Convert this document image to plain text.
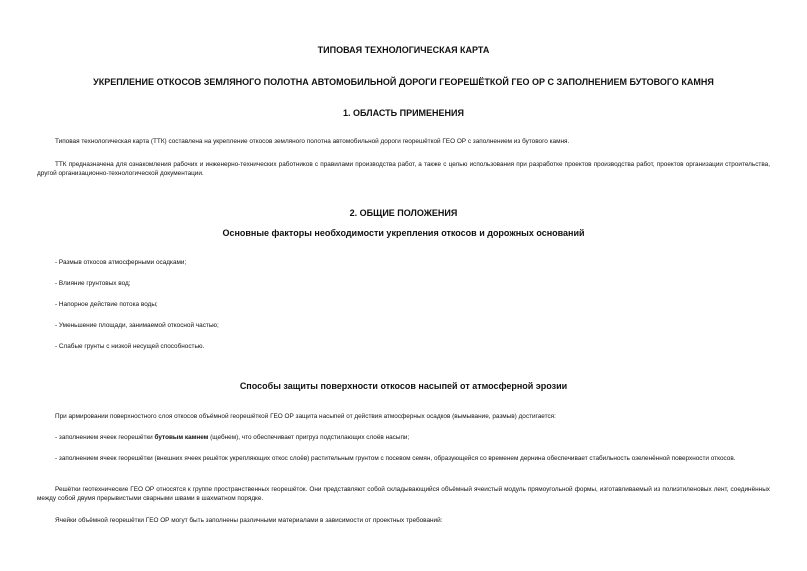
ТИПОВАЯ ТЕХНОЛОГИЧЕСКАЯ КАРТА
УКРЕПЛЕНИЕ ОТКОСОВ ЗЕМЛЯНОГО ПОЛОТНА АВТОМОБИЛЬНОЙ ДОРОГИ ГЕОРЕШЁТКОЙ ГЕО ОР С ЗАПОЛНЕНИЕМ БУТОВОГО КАМНЯ
1. ОБЛАСТЬ ПРИМЕНЕНИЯ
Типовая технологическая карта (ТТК) составлена на укрепление откосов земляного полотна автомобильной дороги георешёткой ГЕО ОР с заполнением из бутового камня.
ТТК предназначена для ознакомления рабочих и инженерно-технических работников с правилами производства работ, а также с целью использования при разработке проектов производства работ, проектов организации строительства, другой организационно-технологической документации.
2. ОБЩИЕ ПОЛОЖЕНИЯ
Основные факторы необходимости укрепления откосов и дорожных оснований
- Размыв откосов атмосферными осадками;
- Влияние грунтовых вод;
- Напорное действие потока воды;
- Уменьшение площади, занимаемой откосной частью;
- Слабые грунты с низкой несущей способностью.
Способы защиты поверхности откосов насыпей от атмосферной эрозии
При армировании поверхностного слоя откосов объёмной георешёткой ГЕО ОР защита насыпей от действия атмосферных осадков (вымывание, размыв) достигается:
- заполнением ячеек георешётки бутовым камнем (щебнем), что обеспечивает пригруз подстилающих слоёв насыпи;
- заполнением ячеек георешётки (внешних ячеек решёток укрепляющих откос слоёв) растительным грунтом с посевом семян, образующейся со временем дернина обеспечивает стабильность озеленённой поверхности откосов.
Решётки геотехнические ГЕО ОР относятся к группе пространственных георешёток. Они представляют собой складывающийся объёмный ячеистый модуль прямоугольной формы, изготавливаемый из полиэтиленовых лент, соединённых между собой двумя прерывистыми сварными швами в шахматном порядке.
Ячейки объёмной георешётки ГЕО ОР могут быть заполнены различными материалами в зависимости от проектных требований:
